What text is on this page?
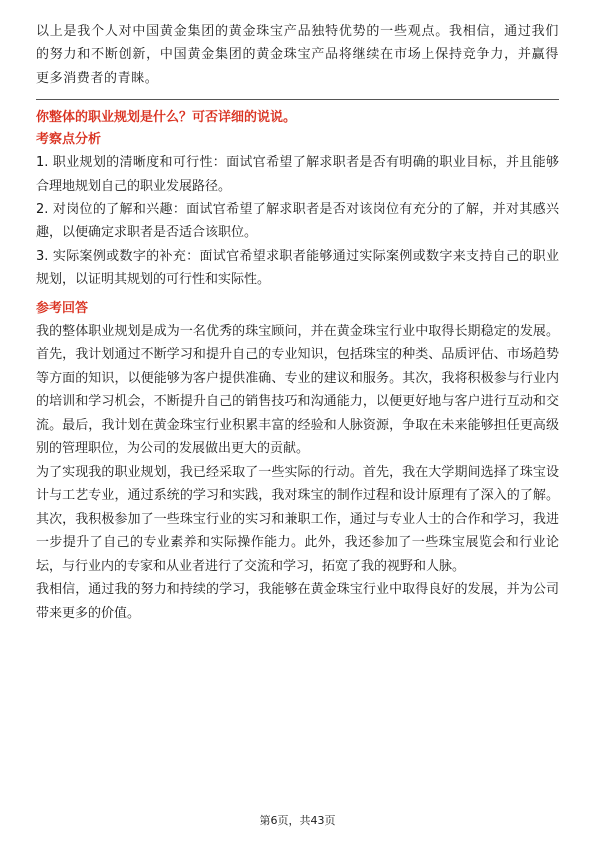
以上是我个人对中国黄金集团的黄金珠宝产品独特优势的一些观点。我相信，通过我们的努力和不断创新，中国黄金集团的黄金珠宝产品将继续在市场上保持竞争力，并赢得更多消费者的青睐。

你整体的职业规划是什么？可否详细的说说。

考察点分析

1. 职业规划的清晰度和可行性：面试官希望了解求职者是否有明确的职业目标，并且能够合理地规划自己的职业发展路径。

2. 对岗位的了解和兴趣：面试官希望了解求职者是否对该岗位有充分的了解，并对其感兴趣，以便确定求职者是否适合该职位。

3. 实际案例或数字的补充：面试官希望求职者能够通过实际案例或数字来支持自己的职业规划，以证明其规划的可行性和实际性。

参考回答

我的整体职业规划是成为一名优秀的珠宝顾问，并在黄金珠宝行业中取得长期稳定的发展。首先，我计划通过不断学习和提升自己的专业知识，包括珠宝的种类、品质评估、市场趋势等方面的知识，以便能够为客户提供准确、专业的建议和服务。其次，我将积极参与行业内的培训和学习机会，不断提升自己的销售技巧和沟通能力，以便更好地与客户进行互动和交流。最后，我计划在黄金珠宝行业积累丰富的经验和人脉资源，争取在未来能够担任更高级别的管理职位，为公司的发展做出更大的贡献。

为了实现我的职业规划，我已经采取了一些实际的行动。首先，我在大学期间选择了珠宝设计与工艺专业，通过系统的学习和实践，我对珠宝的制作过程和设计原理有了深入的了解。其次，我积极参加了一些珠宝行业的实习和兼职工作，通过与专业人士的合作和学习，我进一步提升了自己的专业素养和实际操作能力。此外，我还参加了一些珠宝展览会和行业论坛，与行业内的专家和从业者进行了交流和学习，拓宽了我的视野和人脉。

我相信，通过我的努力和持续的学习，我能够在黄金珠宝行业中取得良好的发展，并为公司带来更多的价值。

第6页，共43页
